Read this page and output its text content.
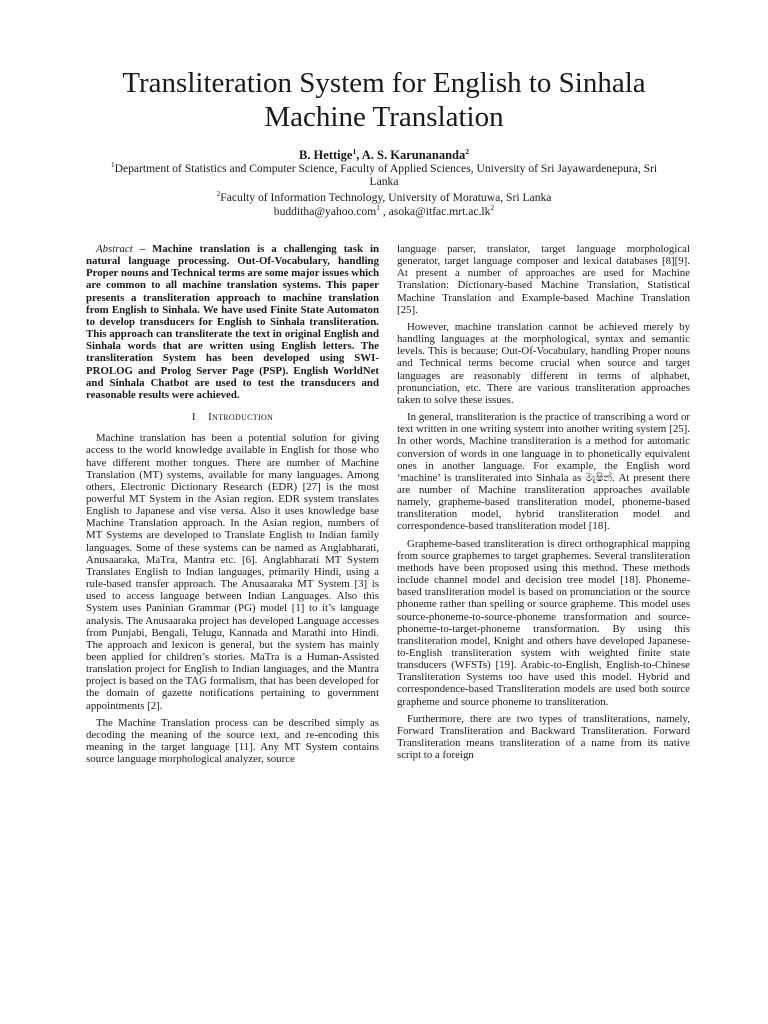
Transliteration System for English to Sinhala
Machine Translation
B. Hettige$^1$, A. S. Karunananda$^2$
$^1$Department of Statistics and Computer Science, Faculty of Applied Sciences, University of Sri Jayawardenepura, Sri Lanka
$^2$Faculty of Information Technology, University of Moratuwa, Sri Lanka
budditha@yahoo.com$^1$ , $asoka@itfac.mrt.ac.lk^2$

Abstract – Machine translation is a challenging task in natural language processing. Out-Of-Vocabulary, handling Proper nouns and Technical terms are some major issues which are common to all machine translation systems. This paper presents a transliteration approach to machine translation from English to Sinhala. We have used Finite State Automaton to develop transducers for English to Sinhala transliteration. This approach can transliterate the text in original English and Sinhala words that are written using English letters. The transliteration System has been developed using SWI-PROLOG and Prolog Server Page (PSP). English WorldNet and Sinhala Chatbot are used to test the transducers and reasonable results were achieved.

I Introduction

Machine translation has been a potential solution for giving access to the world knowledge available in English for those who have different mother tongues. There are number of Machine Translation (MT) systems, available for many languages. Among others, Electronic Dictionary Research (EDR) [27] is the most powerful MT System in the Asian region. EDR system translates English to Japanese and vise versa. Also it uses knowledge base Machine Translation approach. In the Asian region, numbers of MT Systems are developed to Translate English to Indian family languages. Some of these systems can be named as Anglabharati, Anusaaraka, MaTra, Mantra etc. [6]. Anglabharati MT System Translates English to Indian languages, primarily Hindi, using a rule-based transfer approach. The Anusaaraka MT System [3] is used to access language between Indian Languages. Also this System uses Paninian Grammar (PG) model [1] to it’s language analysis. The Anusaaraka project has developed Language accesses from Punjabi, Bengali, Telugu, Kannada and Marathi into Hindi. The approach and lexicon is general, but the system has mainly been applied for children’s stories. MaTra is a Human-Assisted translation project for English to Indian languages, and the Mantra project is based on the TAG formalism, that has been developed for the domain of gazette notifications pertaining to government appointments [2].

The Machine Translation process can be described simply as decoding the meaning of the source text, and re-encoding this meaning in the target language [11]. Any MT System contains source language morphological analyzer, source

language parser, translator, target language morphological generator, target language composer and lexical databases [8][9]. At present a number of approaches are used for Machine Translation: Dictionary-based Machine Translation, Statistical Machine Translation and Example-based Machine Translation [25].

However, machine translation cannot be achieved merely by handling languages at the morphological, syntax and semantic levels. This is because; Out-Of-Vocabulary, handling Proper nouns and Technical terms become crucial when source and target languages are reasonably different in terms of alphabet, pronunciation, etc. There are various transliteration approaches taken to solve these issues.

In general, transliteration is the practice of transcribing a word or text written in one writing system into another writing system [25]. In other words, Machine transliteration is a method for automatic conversion of words in one language in to phonetically equivalent ones in another language. For example, the English word ‘machine’ is transliterated into Sinhala as මැෂින්. At present there are number of Machine transliteration approaches available namely, grapheme-based transliteration model, phoneme-based transliteration model, hybrid transliteration model and correspondence-based transliteration model [18].

Grapheme-based transliteration is direct orthographical mapping from source graphemes to target graphemes. Several transliteration methods have been proposed using this method. These methods include channel model and decision tree model [18]. Phoneme-based transliteration model is based on pronunciation or the source phoneme rather than spelling or source grapheme. This model uses source-phoneme-to-source-phoneme transformation and source- phoneme-to-target-phoneme transformation. By using this transliteration model, Knight and others have developed Japanese-to-English transliteration system with weighted finite state transducers (WFSTs) [19]. Arabic-to-English, English-to-Chinese Transliteration Systems too have used this model. Hybrid and correspondence-based Transliteration models are used both source grapheme and source phoneme to transliteration.

Furthermore, there are two types of transliterations, namely, Forward Transliteration and Backward Transliteration. Forward Transliteration means transliteration of a name from its native script to a foreign
